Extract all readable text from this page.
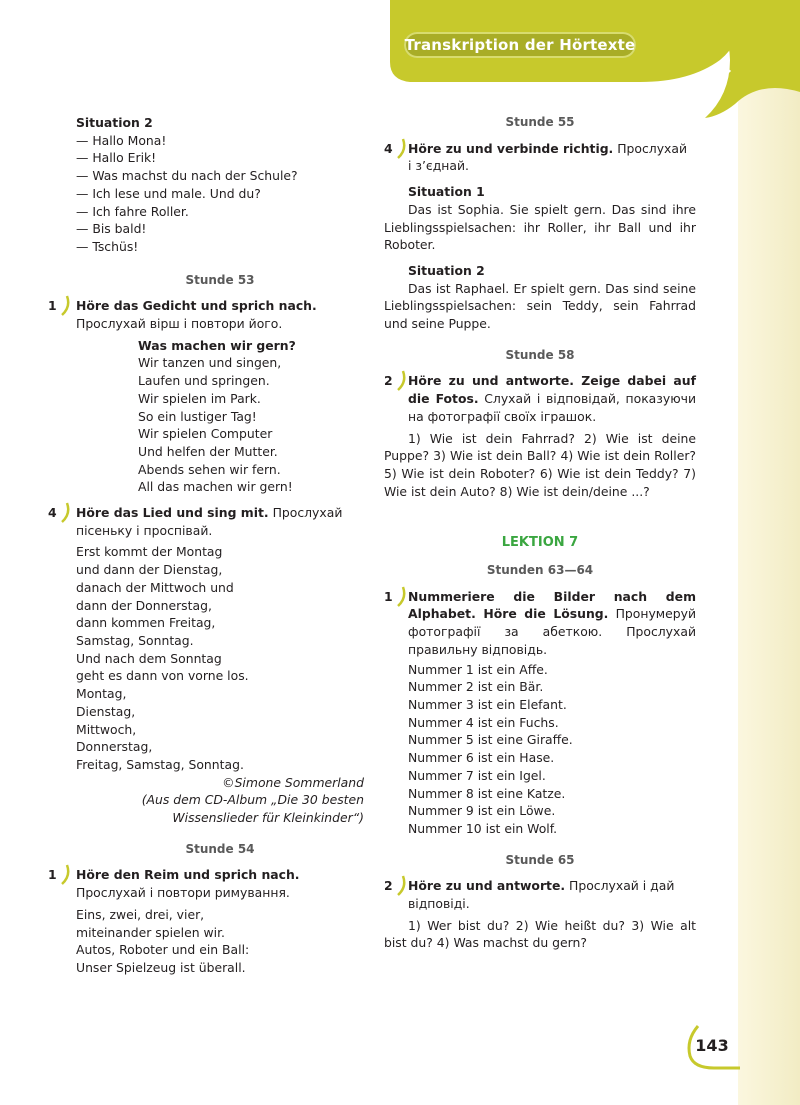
Transkription der Hörtexte
Situation 2
— Hallo Mona!
— Hallo Erik!
— Was machst du nach der Schule?
— Ich lese und male. Und du?
— Ich fahre Roller.
— Bis bald!
— Tschüs!
Stunde 53
1 Höre das Gedicht und sprich nach.
Прослухай вірш і повтори його.
Was machen wir gern?
Wir tanzen und singen,
Laufen und springen.
Wir spielen im Park.
So ein lustiger Tag!
Wir spielen Computer
Und helfen der Mutter.
Abends sehen wir fern.
All das machen wir gern!
4 Höre das Lied und sing mit. Прослухай
пісеньку і проспівай.
Erst kommt der Montag
und dann der Dienstag,
danach der Mittwoch und
dann der Donnerstag,
dann kommen Freitag,
Samstag, Sonntag.
Und nach dem Sonntag
geht es dann von vorne los.
Montag,
Dienstag,
Mittwoch,
Donnerstag,
Freitag, Samstag, Sonntag.
©Simone Sommerland
(Aus dem CD-Album „Die 30 besten
Wissenslieder für Kleinkinder“)
Stunde 54
1 Höre den Reim und sprich nach.
Прослухай і повтори римування.
Eins, zwei, drei, vier,
miteinander spielen wir.
Autos, Roboter und ein Ball:
Unser Spielzeug ist überall.
Stunde 55
4 Höre zu und verbinde richtig. Прослухай
і з’єднай.
Situation 1
Das ist Sophia. Sie spielt gern. Das sind ihre Lieblingsspielsachen: ihr Roller, ihr Ball und ihr Roboter.
Situation 2
Das ist Raphael. Er spielt gern. Das sind seine Lieblingsspielsachen: sein Teddy, sein Fahrrad und seine Puppe.
Stunde 58
2 Höre zu und antworte. Zeige dabei auf die Fotos. Слухай і відповідай, показуючи на фотографії своїх іграшок.
1) Wie ist dein Fahrrad? 2) Wie ist deine Puppe? 3) Wie ist dein Ball? 4) Wie ist dein Roller? 5) Wie ist dein Roboter? 6) Wie ist dein Teddy? 7) Wie ist dein Auto? 8) Wie ist dein/deine ...?
LEKTION 7
Stunden 63—64
1 Nummeriere die Bilder nach dem Alphabet. Höre die Lösung. Пронумеруй фотографії за абеткою. Прослухай правильну відповідь.
Nummer 1 ist ein Affe.
Nummer 2 ist ein Bär.
Nummer 3 ist ein Elefant.
Nummer 4 ist ein Fuchs.
Nummer 5 ist eine Giraffe.
Nummer 6 ist ein Hase.
Nummer 7 ist ein Igel.
Nummer 8 ist eine Katze.
Nummer 9 ist ein Löwe.
Nummer 10 ist ein Wolf.
Stunde 65
2 Höre zu und antworte. Прослухай і дай відповіді.
1) Wer bist du? 2) Wie heißt du? 3) Wie alt bist du? 4) Was machst du gern?
143
